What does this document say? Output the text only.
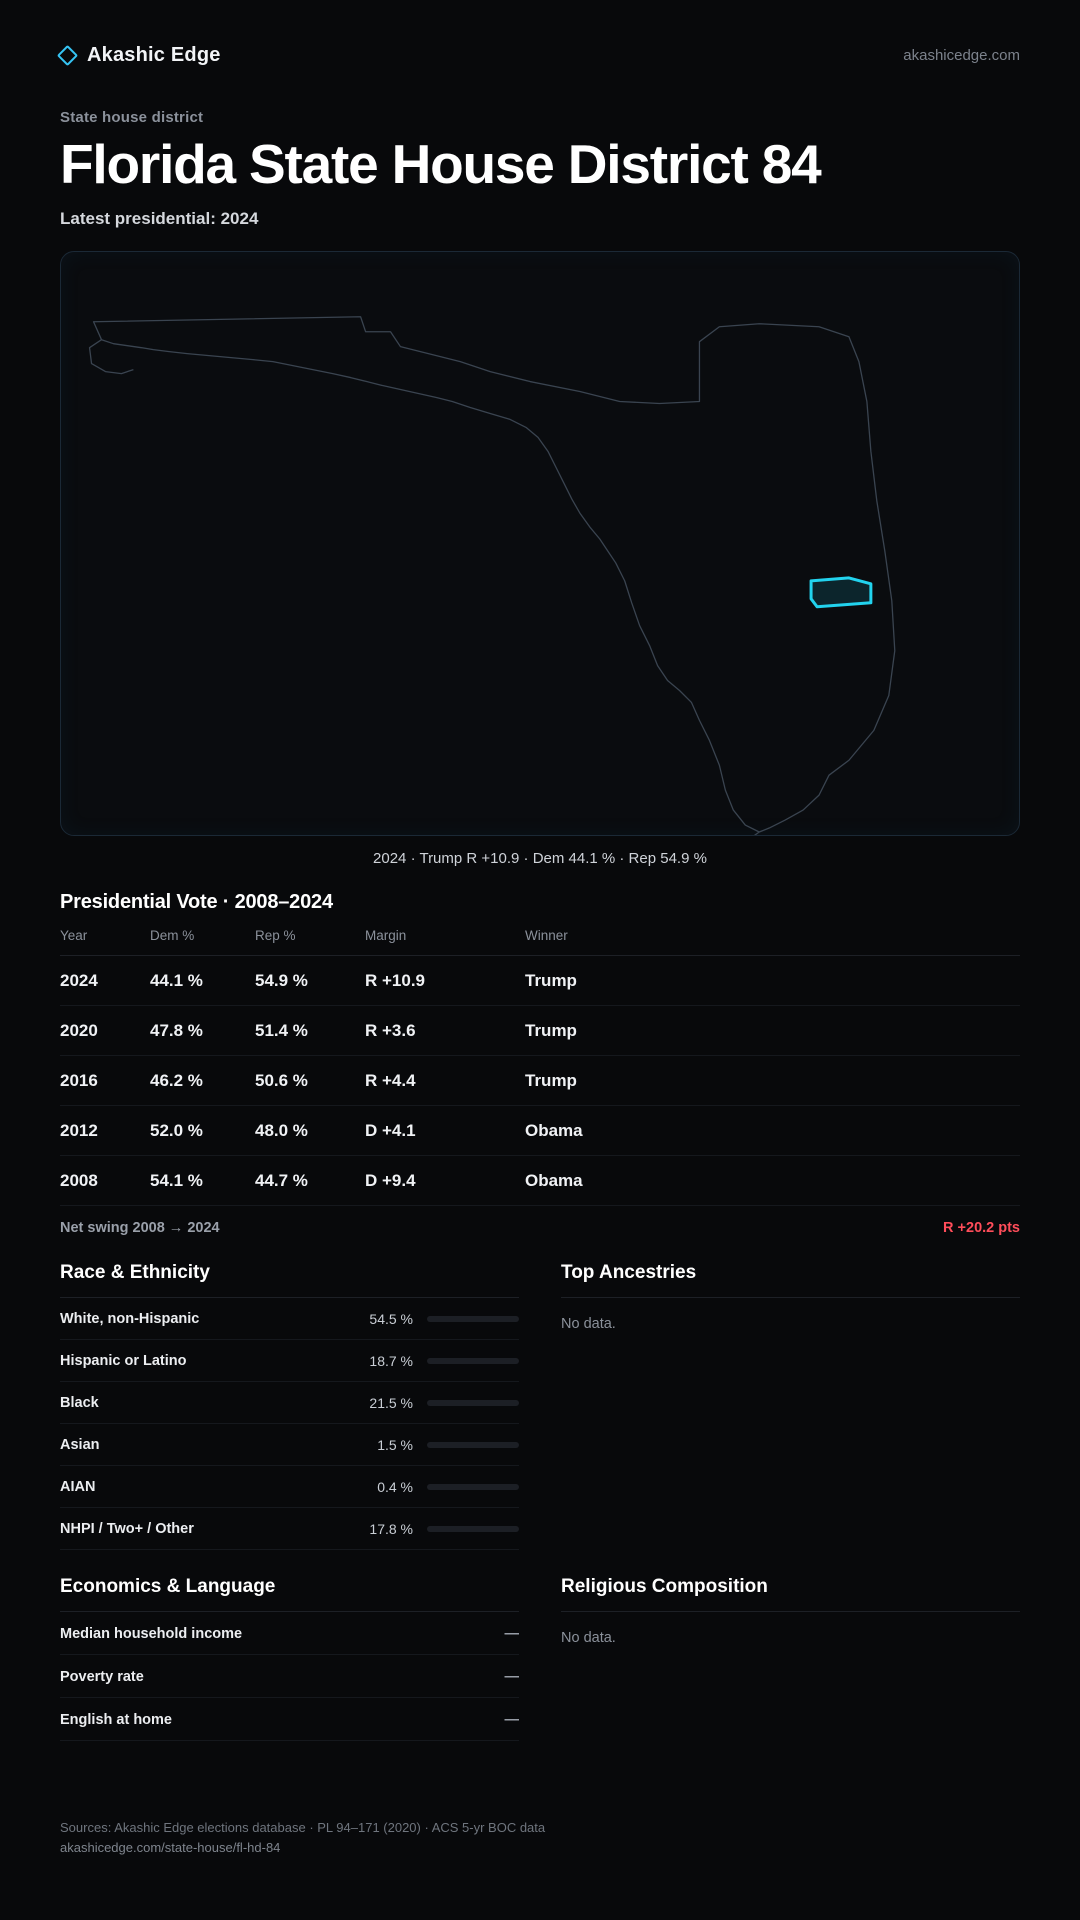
Akashic Edge	akashicedge.com
State house district
Florida State House District 84
Latest presidential: 2024
2024 · Trump R +10.9 · Dem 44.1 % · Rep 54.9 %
Presidential Vote · 2008–2024
Year	Dem %	Rep %	Margin	Winner
2024	44.1 %	54.9 %	R +10.9	Trump
2020	47.8 %	51.4 %	R +3.6	Trump
2016	46.2 %	50.6 %	R +4.4	Trump
2012	52.0 %	48.0 %	D +4.1	Obama
2008	54.1 %	44.7 %	D +9.4	Obama
Net swing 2008 → 2024	R +20.2 pts
Race & Ethnicity
White, non-Hispanic	54.5 %
Hispanic or Latino	18.7 %
Black	21.5 %
Asian	1.5 %
AIAN	0.4 %
NHPI / Two+ / Other	17.8 %
Top Ancestries
No data.
Economics & Language
Median household income	—
Poverty rate	—
English at home	—
Religious Composition
No data.
Sources: Akashic Edge elections database · PL 94–171 (2020) · ACS 5-yr BOC data
akashicedge.com/state-house/fl-hd-84
